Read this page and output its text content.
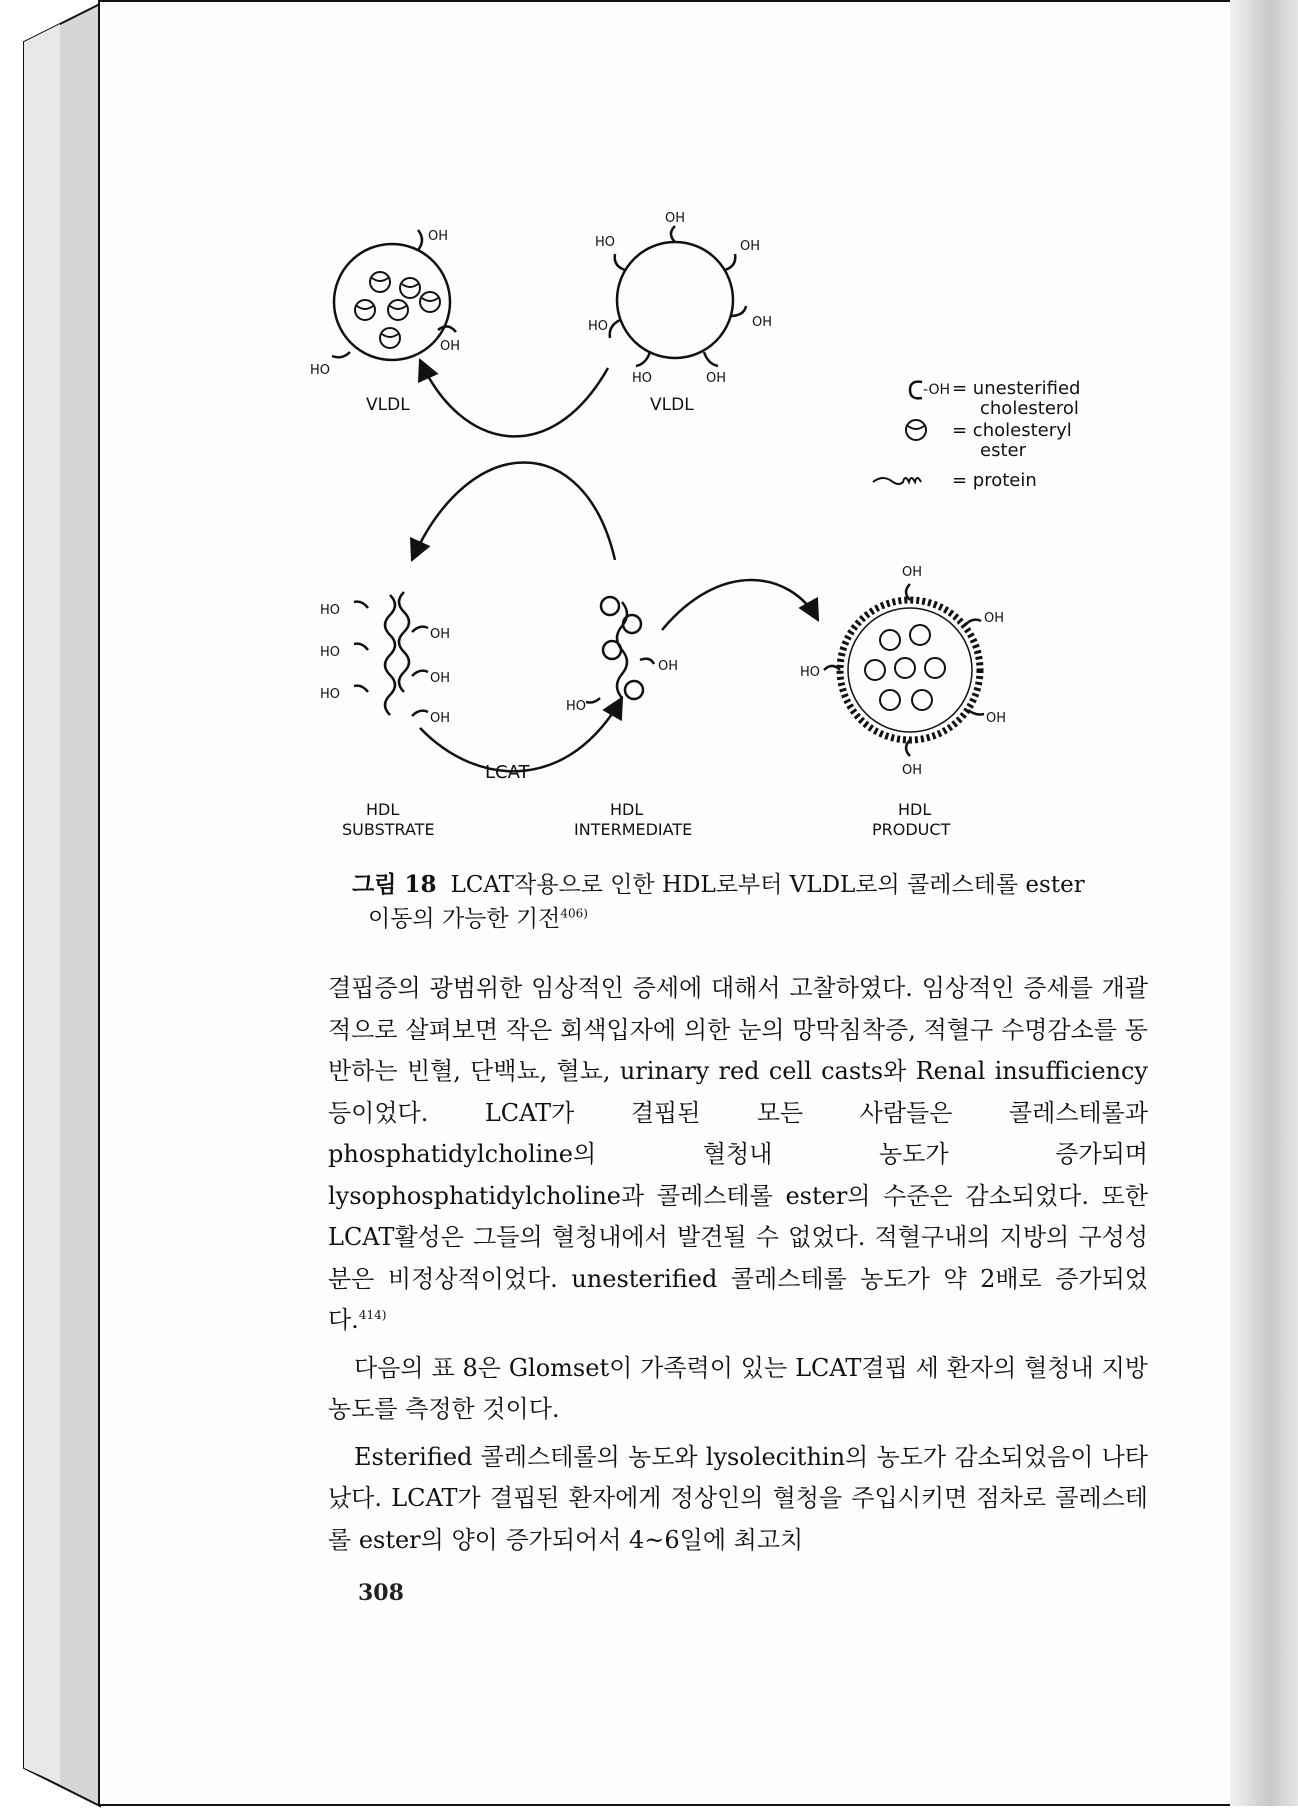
OH
OH
HO
VLDL
OH
HO	OH
HO	OH
HO	OH
VLDL
-OH = unesterified
cholesterol
= cholesteryl
ester
= protein
LCAT
HO
HO
HO
OH
OH
OH
HDL
SUBSTRATE
OH
HO
HDL
INTERMEDIATE
OH
OH
HO
OH
OH
HDL
PRODUCT
그림 18 LCAT작용으로 인한 HDL로부터 VLDL로의 콜레스테롤 ester
이동의 가능한 기전$^{406)}$

결핍증의 광범위한 임상적인 증세에 대해서 고찰하였다. 임상적인 증세를 개괄적으로 살펴보면 작은 회색입자에 의한 눈의 망막침착증, 적혈구 수명감소를 동반하는 빈혈, 단백뇨, 혈뇨, urinary red cell casts와 Renal insufficiency 등이었다. LCAT가 결핍된 모든 사람들은 콜레스테롤과 phosphatidylcholine의 혈청내 농도가 증가되며 lysophosphatidylcholine과 콜레스테롤 ester의 수준은 감소되었다. 또한 LCAT활성은 그들의 혈청내에서 발견될 수 없었다. 적혈구내의 지방의 구성성분은 비정상적이었다. unesterified 콜레스테롤 농도가 약 2배로 증가되었다.$^{414)}$

다음의 표 8은 Glomset이 가족력이 있는 LCAT결핍 세 환자의 혈청내 지방농도를 측정한 것이다.

Esterified 콜레스테롤의 농도와 lysolecithin의 농도가 감소되었음이 나타났다. LCAT가 결핍된 환자에게 정상인의 혈청을 주입시키면 점차로 콜레스테롤 ester의 양이 증가되어서 4~6일에 최고치

308
